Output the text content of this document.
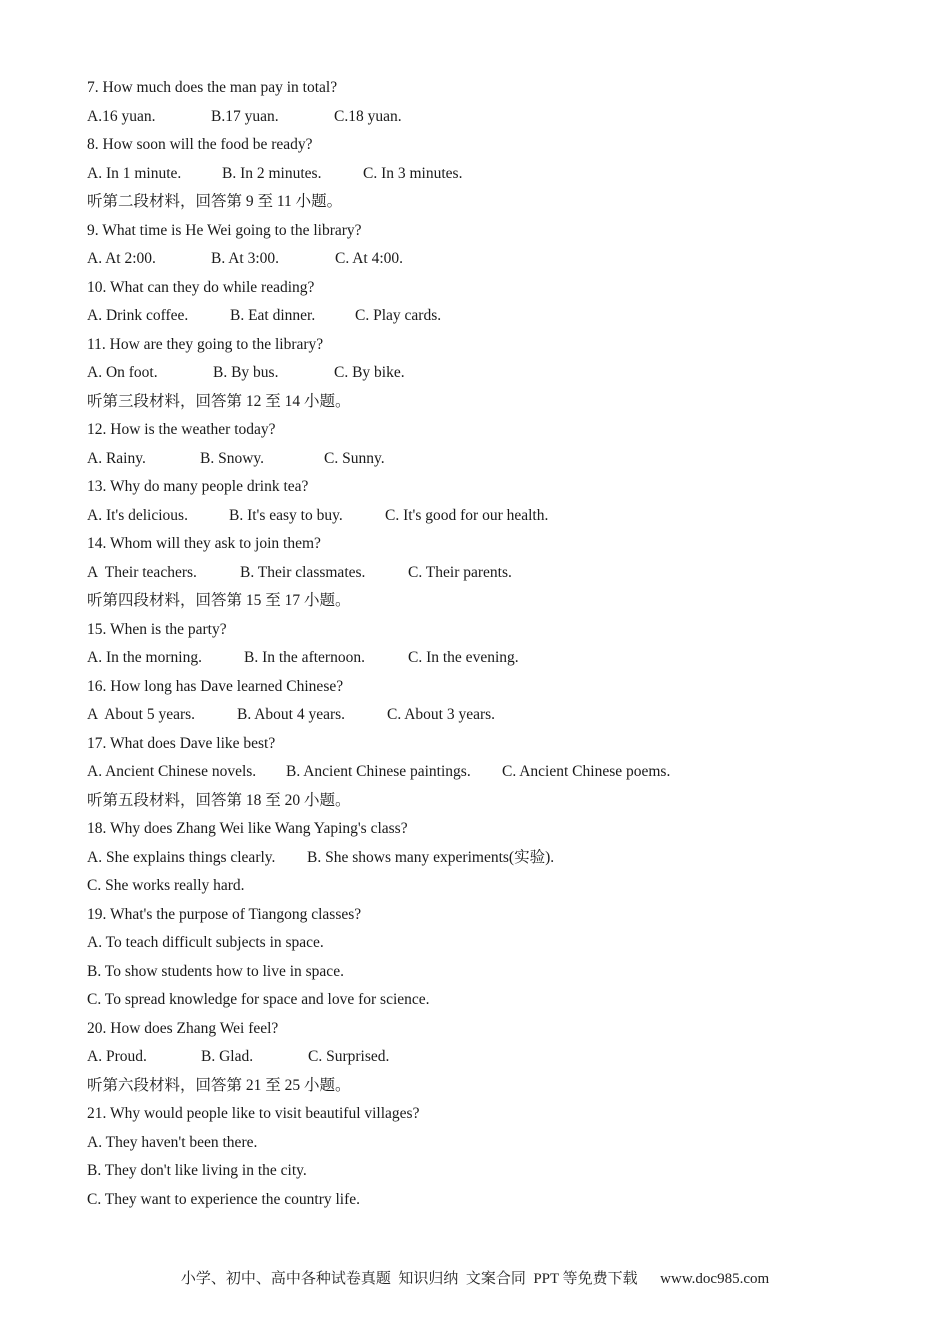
7. How much does the man pay in total?
A.16 yuan.	B.17 yuan.	C.18 yuan.
8. How soon will the food be ready?
A. In 1 minute.	B. In 2 minutes.	C. In 3 minutes.
听第二段材料，回答第 9 至 11 小题。
9. What time is He Wei going to the library?
A. At 2:00.	B. At 3:00.	C. At 4:00.
10. What can they do while reading?
A. Drink coffee.	B. Eat dinner.	C. Play cards.
11. How are they going to the library?
A. On foot.	B. By bus.	C. By bike.
听第三段材料，回答第 12 至 14 小题。
12. How is the weather today?
A. Rainy.	B. Snowy.	C. Sunny.
13. Why do many people drink tea?
A. It's delicious.	B. It's easy to buy.	C. It's good for our health.
14. Whom will they ask to join them?
A  Their teachers.	B. Their classmates.	C. Their parents.
听第四段材料，回答第 15 至 17 小题。
15. When is the party?
A. In the morning.	B. In the afternoon.	C. In the evening.
16. How long has Dave learned Chinese?
A  About 5 years.	B. About 4 years.	C. About 3 years.
17. What does Dave like best?
A. Ancient Chinese novels.	B. Ancient Chinese paintings.	C. Ancient Chinese poems.
听第五段材料，回答第 18 至 20 小题。
18. Why does Zhang Wei like Wang Yaping's class?
A. She explains things clearly.	B. She shows many experiments(实验).
C. She works really hard.
19. What's the purpose of Tiangong classes?
A. To teach difficult subjects in space.
B. To show students how to live in space.
C. To spread knowledge for space and love for science.
20. How does Zhang Wei feel?
A. Proud.	B. Glad.	C. Surprised.
听第六段材料，回答第 21 至 25 小题。
21. Why would people like to visit beautiful villages?
A. They haven't been there.
B. They don't like living in the city.
C. They want to experience the country life.
小学、初中、高中各种试卷真题  知识归纳  文案合同  PPT 等免费下载      www.doc985.com
